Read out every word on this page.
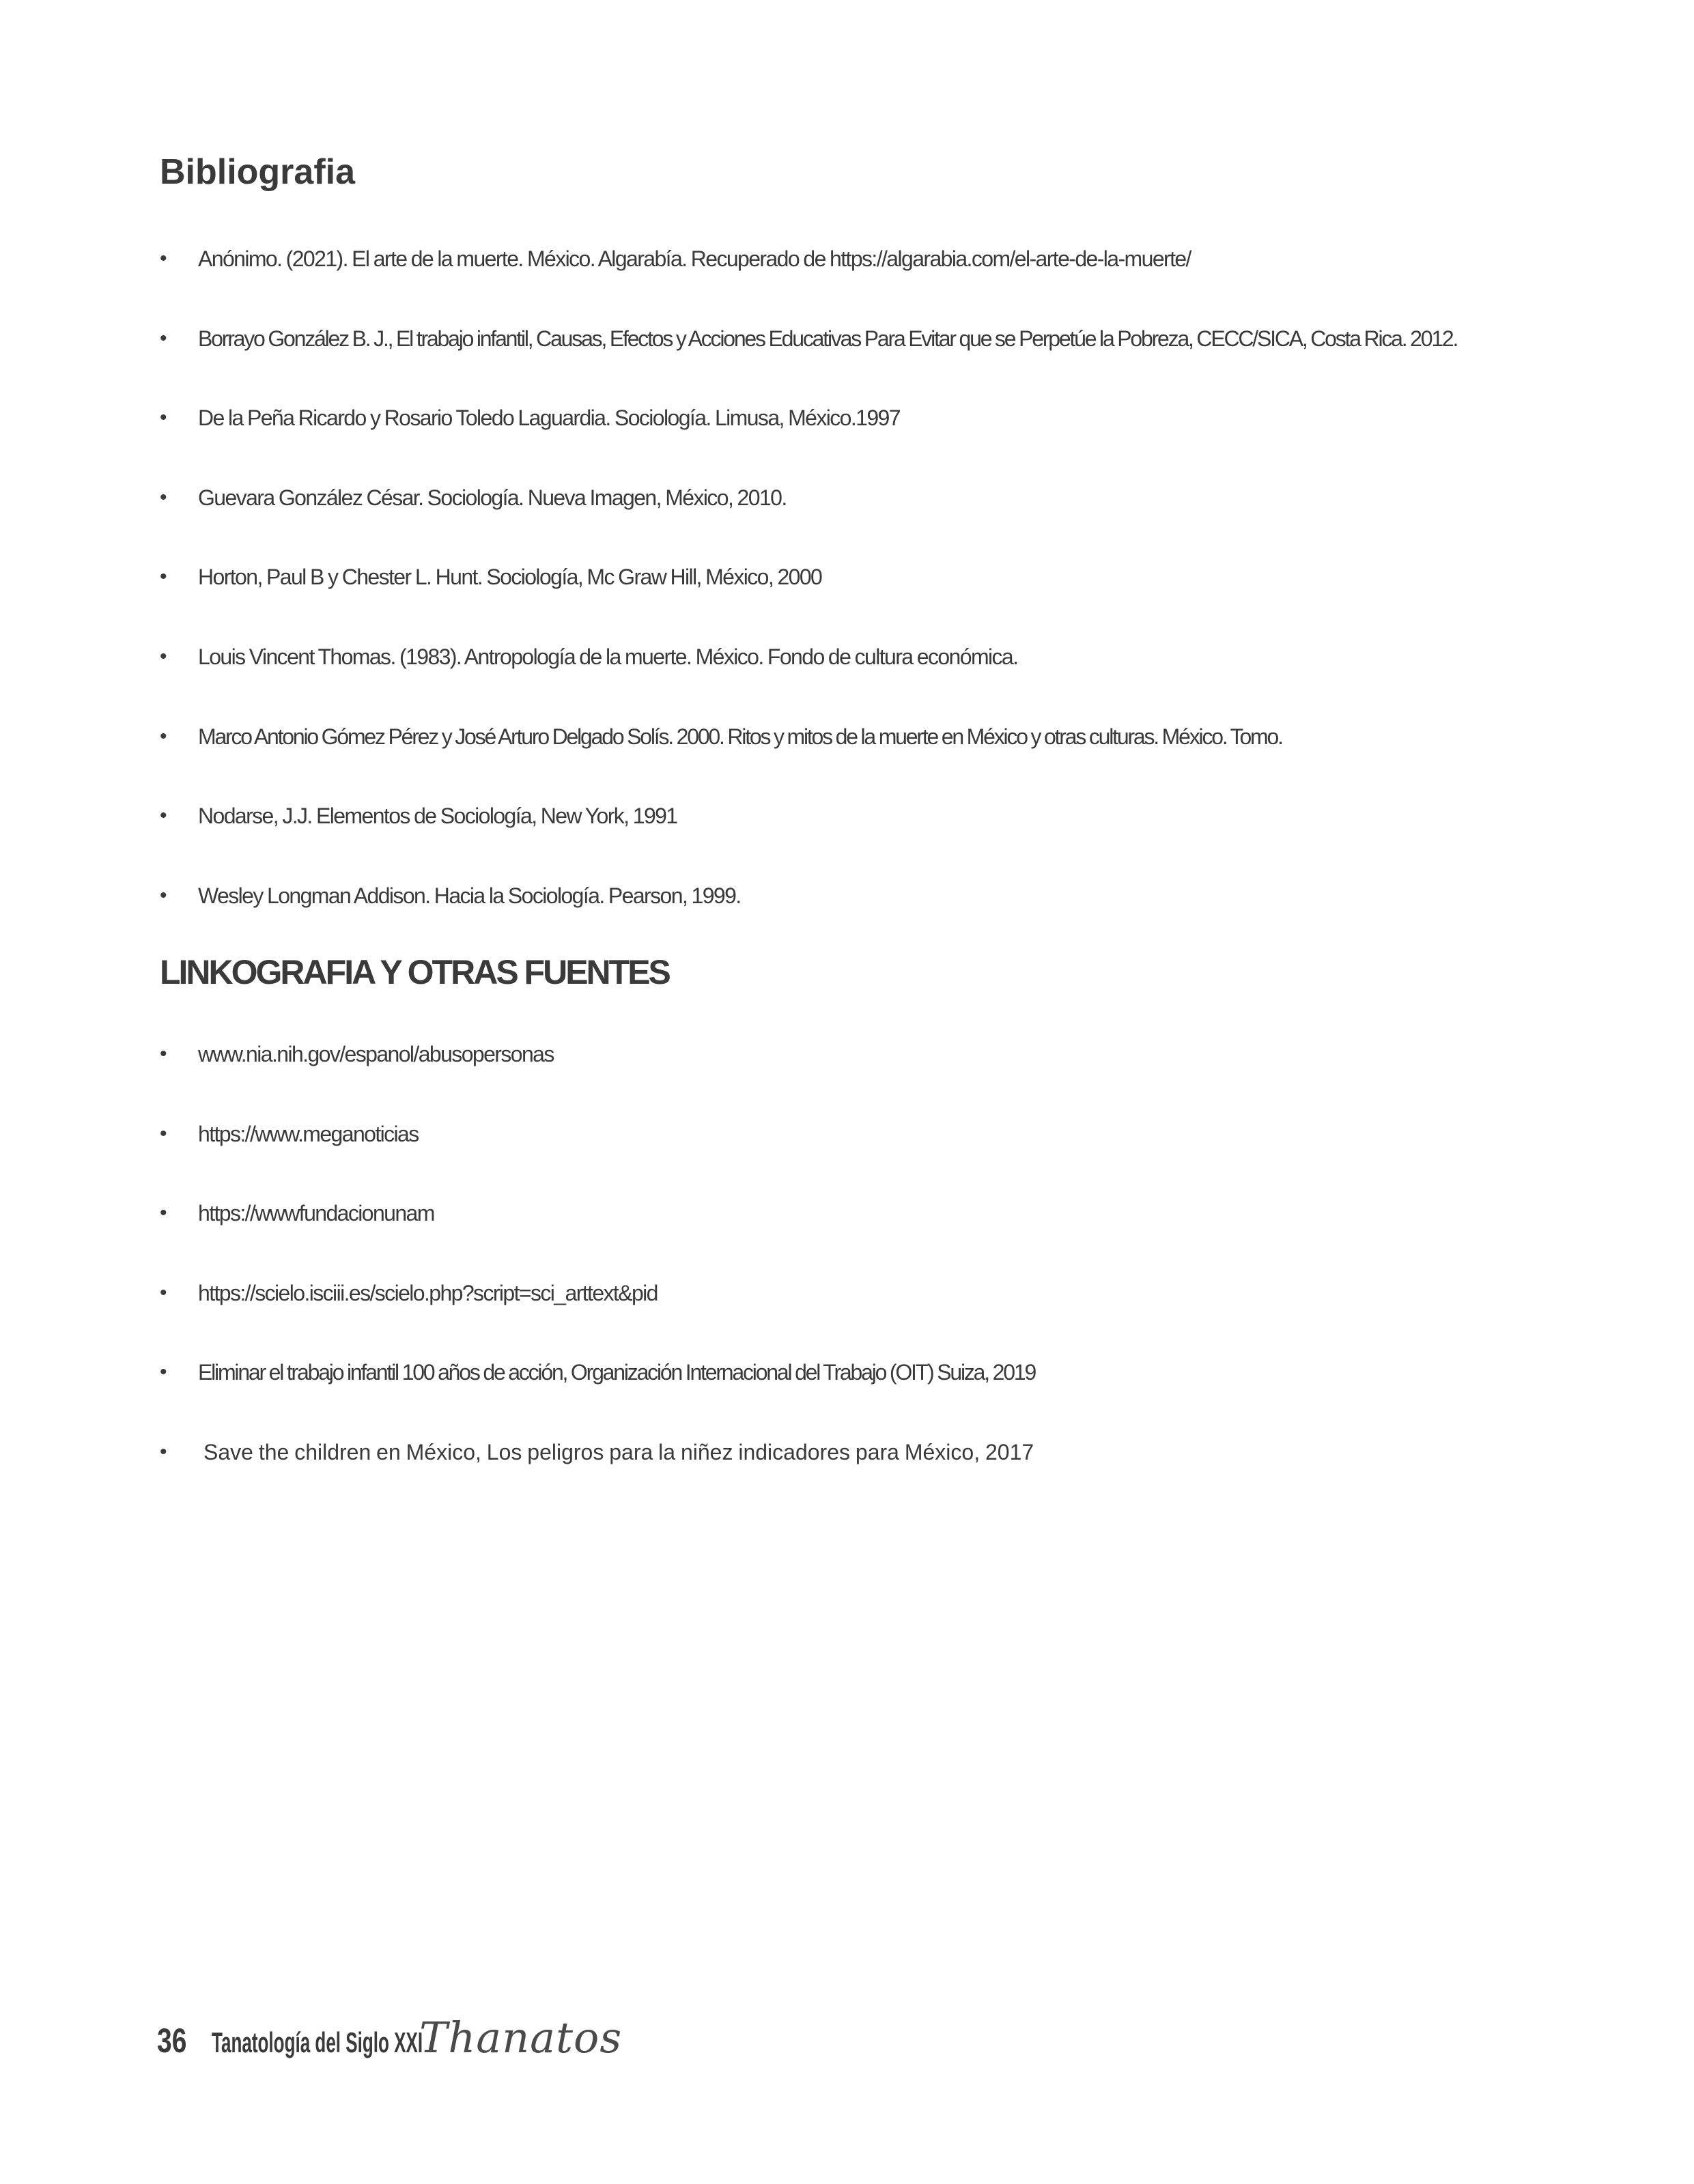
Bibliografia
• Anónimo. (2021). El arte de la muerte. México. Algarabía. Recuperado de https://algarabia.com/el-arte-de-la-muerte/
• Borrayo González B. J., El trabajo infantil, Causas, Efectos y Acciones Educativas Para Evitar que se Perpetúe la Pobreza, CECC/SICA, Costa Rica. 2012.
• De la Peña Ricardo y Rosario Toledo Laguardia. Sociología. Limusa, México.1997
• Guevara González César. Sociología. Nueva Imagen, México, 2010.
• Horton, Paul B y Chester L. Hunt. Sociología, Mc Graw Hill, México, 2000
• Louis Vincent Thomas. (1983). Antropología de la muerte. México. Fondo de cultura económica.
• Marco Antonio Gómez Pérez y José Arturo Delgado Solís. 2000. Ritos y mitos de la muerte en México y otras culturas. México. Tomo.
• Nodarse, J.J. Elementos de Sociología, New York, 1991
• Wesley Longman Addison. Hacia la Sociología. Pearson, 1999.
LINKOGRAFIA Y OTRAS FUENTES
• www.nia.nih.gov/espanol/abusopersonas
• https://www.meganoticias
• https://wwwfundacionunam
• https://scielo.isciii.es/scielo.php?script=sci_arttext&pid
• Eliminar el trabajo infantil 100 años de acción, Organización Internacional del Trabajo (OIT) Suiza, 2019
• Save the children en México, Los peligros para la niñez indicadores para México, 2017
36 Tanatología del Siglo XXI
Thanatos
